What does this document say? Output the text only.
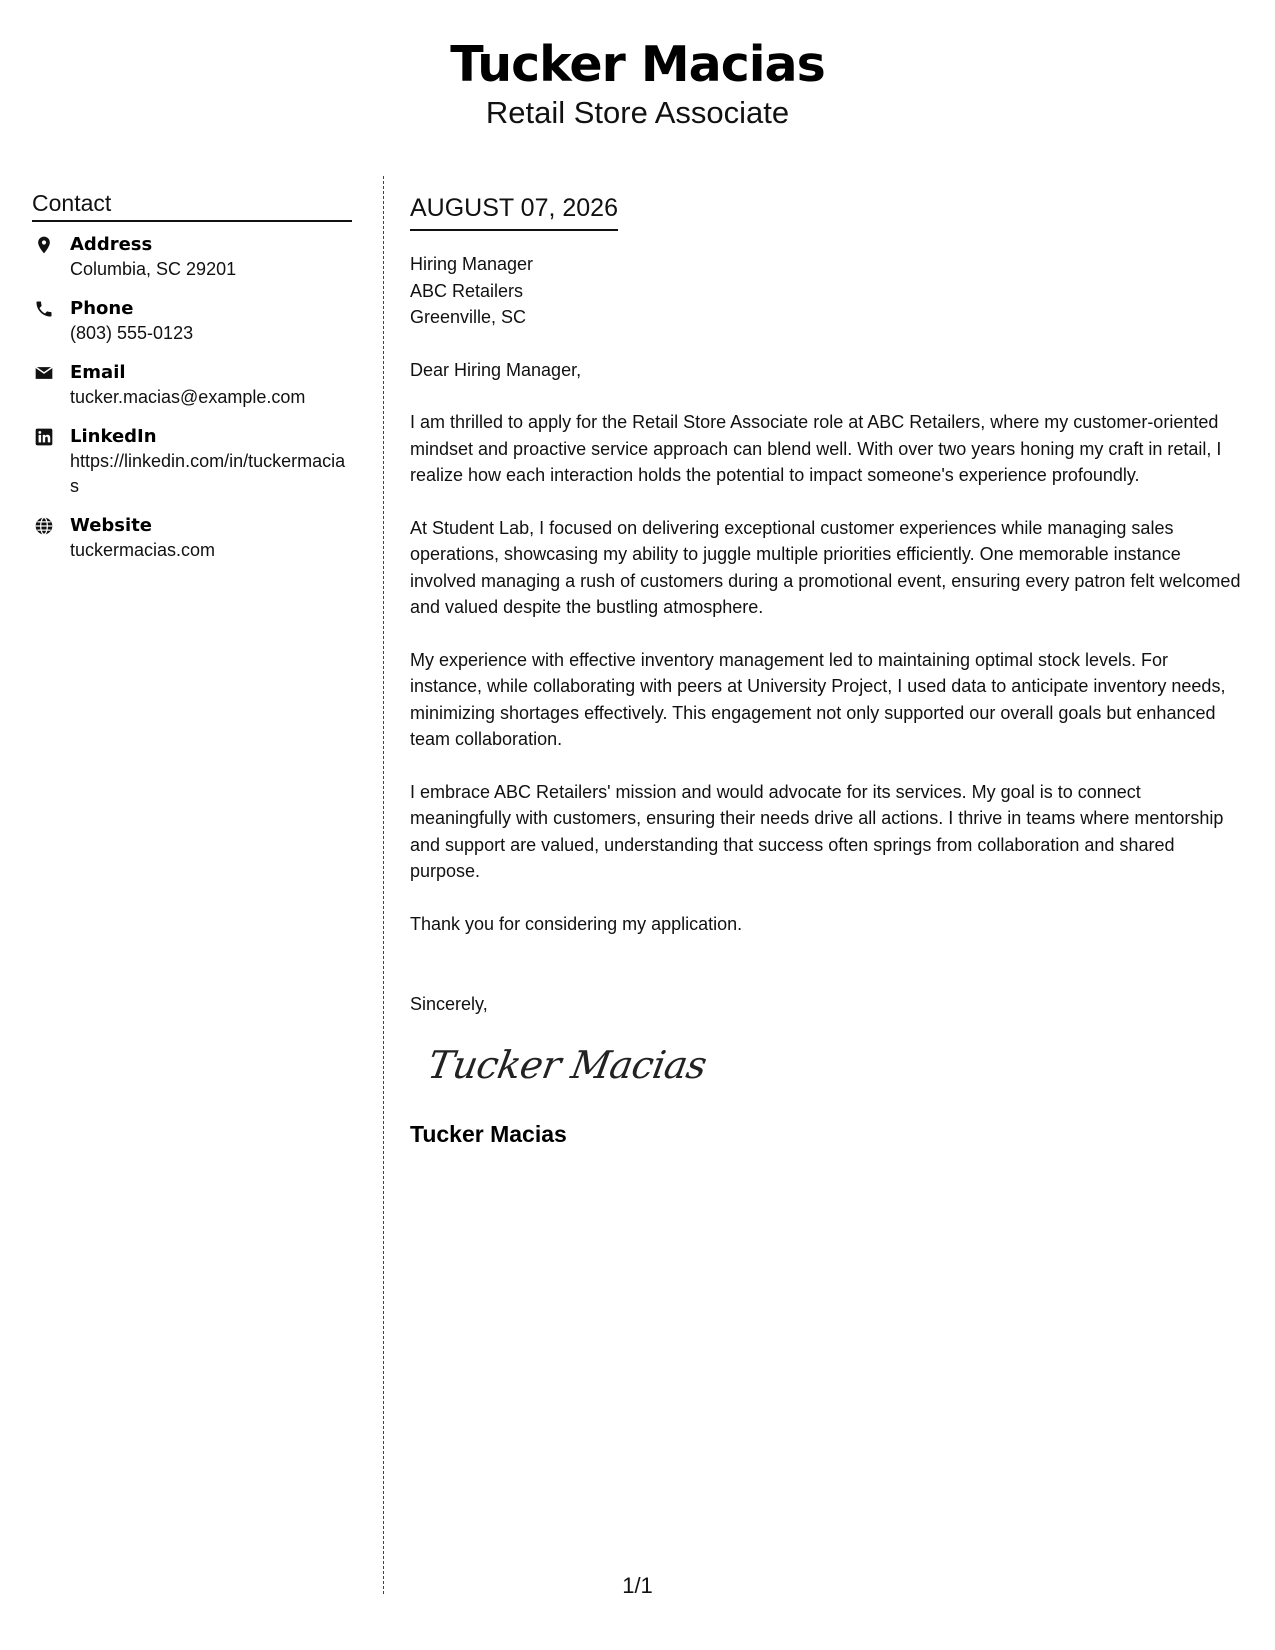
Tucker Macias
Retail Store Associate
Contact
Address
Columbia, SC 29201
Phone
(803) 555-0123
Email
tucker.macias@example.com
LinkedIn
https://linkedin.com/in/tuckermacias
Website
tuckermacias.com
AUGUST 07, 2026
Hiring Manager
ABC Retailers
Greenville, SC
Dear Hiring Manager,
I am thrilled to apply for the Retail Store Associate role at ABC Retailers, where my customer-oriented mindset and proactive service approach can blend well. With over two years honing my craft in retail, I realize how each interaction holds the potential to impact someone's experience profoundly.
At Student Lab, I focused on delivering exceptional customer experiences while managing sales operations, showcasing my ability to juggle multiple priorities efficiently. One memorable instance involved managing a rush of customers during a promotional event, ensuring every patron felt welcomed and valued despite the bustling atmosphere.
My experience with effective inventory management led to maintaining optimal stock levels. For instance, while collaborating with peers at University Project, I used data to anticipate inventory needs, minimizing shortages effectively. This engagement not only supported our overall goals but enhanced team collaboration.
I embrace ABC Retailers' mission and would advocate for its services. My goal is to connect meaningfully with customers, ensuring their needs drive all actions. I thrive in teams where mentorship and support are valued, understanding that success often springs from collaboration and shared purpose.
Thank you for considering my application.
Sincerely,
Tucker Macias
Tucker Macias
1/1
